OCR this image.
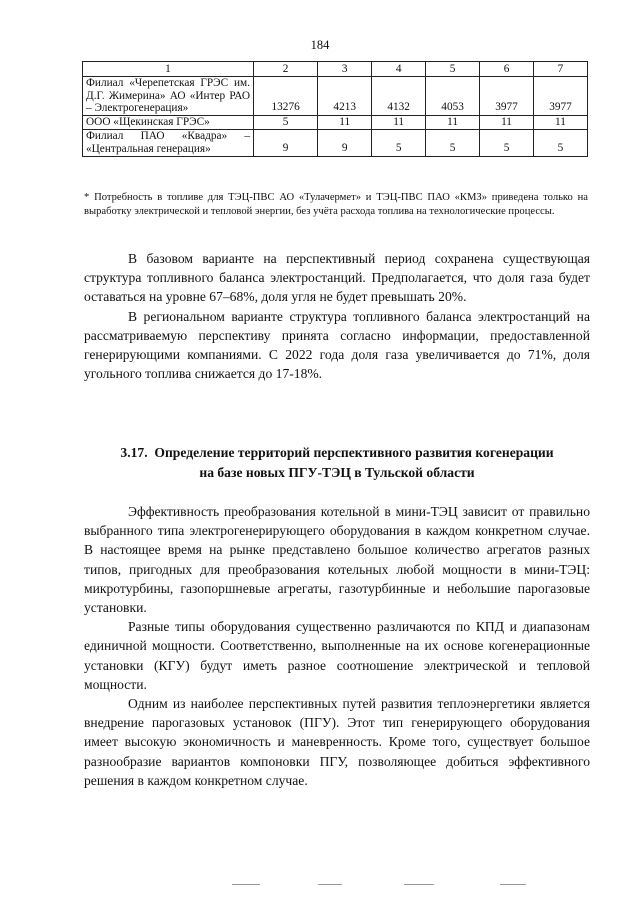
184
1	2	3	4	5	6	7
Филиал «Черепетская ГРЭС им. Д.Г. Жимерина» АО «Интер РАО – Электрогенерация»	13276	4213	4132	4053	3977	3977
ООО «Щекинская ГРЭС»	5	11	11	11	11	11
Филиал ПАО «Квадра» – «Центральная генерация»	9	9	5	5	5	5
* Потребность в топливе для ТЭЦ-ПВС АО «Тулачермет» и ТЭЦ-ПВС ПАО «КМЗ» приведена только на выработку электрической и тепловой энергии, без учёта расхода топлива на технологические процессы.

В базовом варианте на перспективный период сохранена существующая структура топливного баланса электростанций. Предполагается, что доля газа будет оставаться на уровне 67–68%, доля угля не будет превышать 20%.

В региональном варианте структура топливного баланса электростанций на рассматриваемую перспективу принята согласно информации, предоставленной генерирующими компаниями. С 2022 года доля газа увеличивается до 71%, доля угольного топлива снижается до 17-18%.

3.17. Определение территорий перспективного развития когенерации
на базе новых ПГУ-ТЭЦ в Тульской области

Эффективность преобразования котельной в мини-ТЭЦ зависит от правильно выбранного типа электрогенерирующего оборудования в каждом конкретном случае. В настоящее время на рынке представлено большое количество агрегатов разных типов, пригодных для преобразования котельных любой мощности в мини-ТЭЦ: микротурбины, газопоршневые агрегаты, газотурбинные и небольшие парогазовые установки.

Разные типы оборудования существенно различаются по КПД и диапазонам единичной мощности. Соответственно, выполненные на их основе когенерационные установки (КГУ) будут иметь разное соотношение электрической и тепловой мощности.

Одним из наиболее перспективных путей развития теплоэнергетики является внедрение парогазовых установок (ПГУ). Этот тип генерирующего оборудования имеет высокую экономичность и маневренность. Кроме того, существует большое разнообразие вариантов компоновки ПГУ, позволяющее добиться эффективного решения в каждом конкретном случае.
